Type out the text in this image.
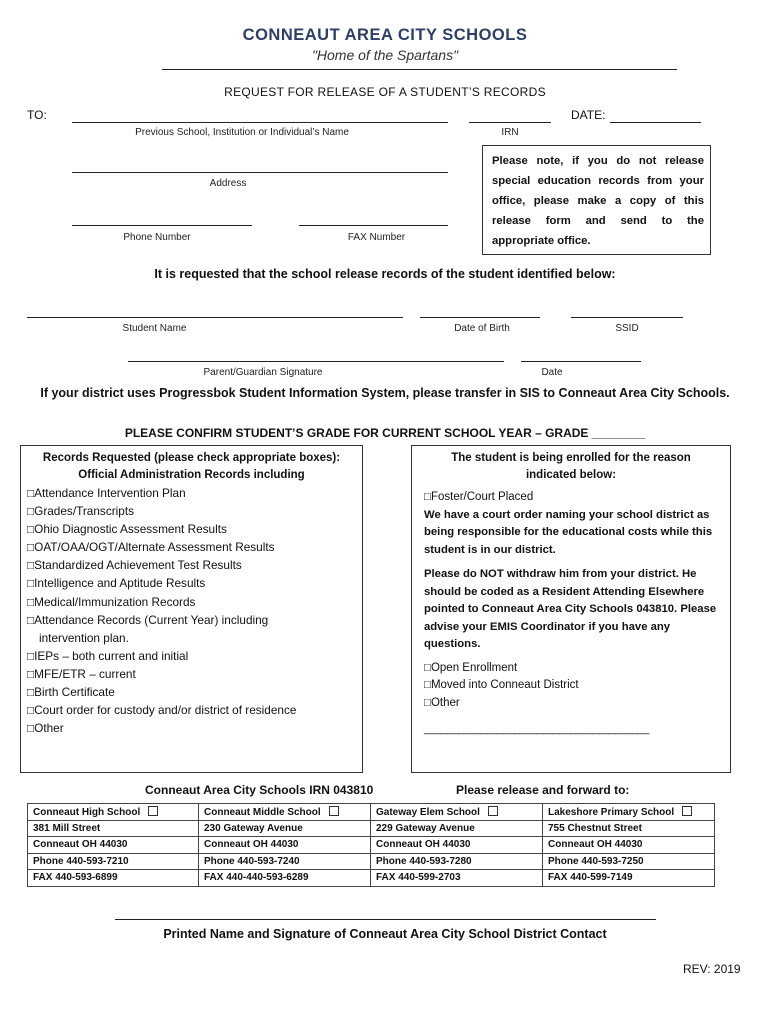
CONNEAUT AREA CITY SCHOOLS
"Home of the Spartans"
REQUEST FOR RELEASE OF A STUDENT’S RECORDS
TO:	DATE:
Previous School, Institution or Individual’s Name	IRN
Address
Phone Number	FAX Number
Please note, if you do not release special education records from your office, please make a copy of this release form and send to the appropriate office.
It is requested that the school release records of the student identified below:
Student Name	Date of Birth	SSID
Parent/Guardian Signature	Date
If your district uses Progressbok Student Information System, please transfer in SIS to Conneaut Area City Schools.
PLEASE CONFIRM STUDENT’S GRADE FOR CURRENT SCHOOL YEAR – GRADE ________
Records Requested (please check appropriate boxes):
Official Administration Records including
□Attendance Intervention Plan
□Grades/Transcripts
□Ohio Diagnostic Assessment Results
□OAT/OAA/OGT/Alternate Assessment Results
□Standardized Achievement Test Results
□Intelligence and Aptitude Results
□Medical/Immunization Records
□Attendance Records (Current Year) including
intervention plan.
□IEPs – both current and initial
□MFE/ETR – current
□Birth Certificate
□Court order for custody and/or district of residence
□Other
The student is being enrolled for the reason
indicated below:
□Foster/Court Placed
We have a court order naming your school district as being responsible for the educational costs while this student is in our district.
Please do NOT withdraw him from your district. He should be coded as a Resident Attending Elsewhere pointed to Conneaut Area City Schools 043810. Please advise your EMIS Coordinator if you have any questions.
□Open Enrollment
□Moved into Conneaut District
□Other
________________________________________
Conneaut Area City Schools IRN 043810	Please release and forward to:
Conneaut High School	Conneaut Middle School	Gateway Elem School	Lakeshore Primary School
381 Mill Street	230 Gateway Avenue	229 Gateway Avenue	755 Chestnut Street
Conneaut OH 44030	Conneaut OH 44030	Conneaut OH 44030	Conneaut OH 44030
Phone 440-593-7210	Phone 440-593-7240	Phone 440-593-7280	Phone 440-593-7250
FAX 440-593-6899	FAX 440-440-593-6289	FAX 440-599-2703	FAX 440-599-7149
Printed Name and Signature of Conneaut Area City School District Contact
REV: 2019
